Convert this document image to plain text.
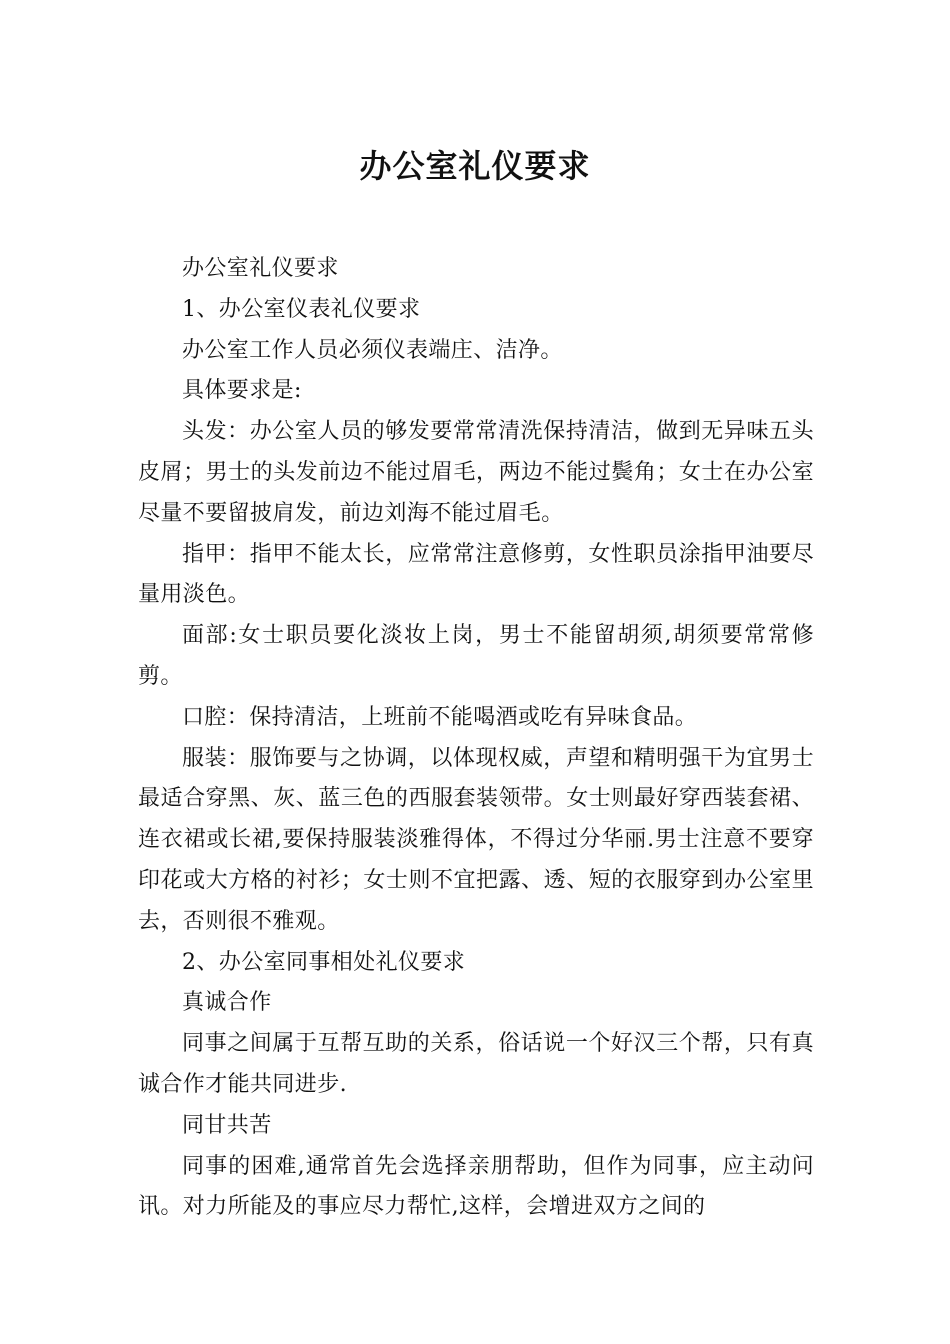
办公室礼仪要求

办公室礼仪要求

1、办公室仪表礼仪要求

办公室工作人员必须仪表端庄、洁净。

具体要求是:

头发：办公室人员的够发要常常清洗保持清洁，做到无异味五头皮屑；男士的头发前边不能过眉毛，两边不能过鬓角；女士在办公室尽量不要留披肩发，前边刘海不能过眉毛。

指甲：指甲不能太长，应常常注意修剪，女性职员涂指甲油要尽量用淡色。

面部:女士职员要化淡妆上岗，男士不能留胡须,胡须要常常修剪。

口腔：保持清洁，上班前不能喝酒或吃有异味食品。

服装：服饰要与之协调，以体现权威，声望和精明强干为宜男士最适合穿黑、灰、蓝三色的西服套装领带。女士则最好穿西装套裙、连衣裙或长裙,要保持服装淡雅得体，不得过分华丽.男士注意不要穿印花或大方格的衬衫；女士则不宜把露、透、短的衣服穿到办公室里去，否则很不雅观。

2、办公室同事相处礼仪要求

真诚合作

同事之间属于互帮互助的关系，俗话说一个好汉三个帮，只有真诚合作才能共同进步.

同甘共苦

同事的困难,通常首先会选择亲朋帮助，但作为同事，应主动问讯。对力所能及的事应尽力帮忙,这样，会增进双方之间的
